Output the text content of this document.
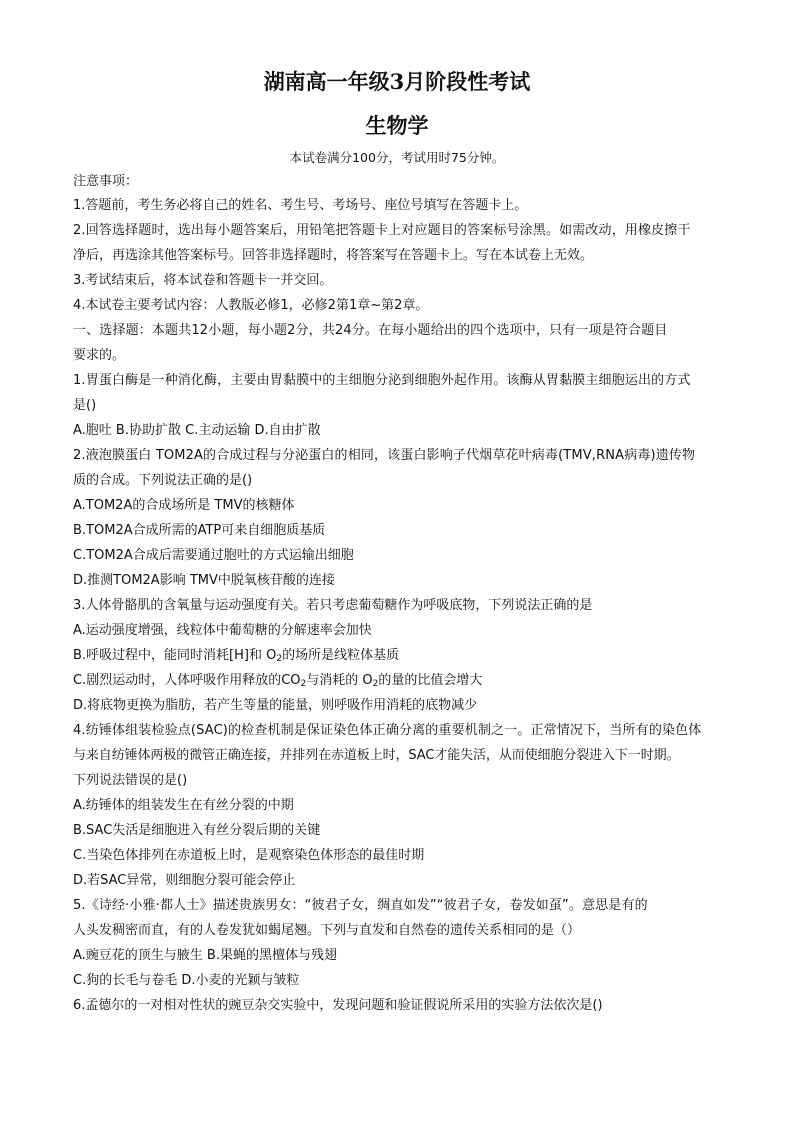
湖南高一年级3月阶段性考试
生物学
本试卷满分100分，考试用时75分钟。
注意事项：
1.答题前，考生务必将自己的姓名、考生号、考场号、座位号填写在答题卡上。
2.回答选择题时，选出每小题答案后，用铅笔把答题卡上对应题目的答案标号涂黑。如需改动，用橡皮擦干
净后，再选涂其他答案标号。回答非选择题时，将答案写在答题卡上。写在本试卷上无效。
3.考试结束后，将本试卷和答题卡一并交回。
4.本试卷主要考试内容：人教版必修1，必修2第1章~第2章。
一、选择题：本题共12小题，每小题2分，共24分。在每小题给出的四个选项中，只有一项是符合题目
要求的。
1.胃蛋白酶是一种消化酶，主要由胃黏膜中的主细胞分泌到细胞外起作用。该酶从胃黏膜主细胞运出的方式
是()
A.胞吐 B.协助扩散 C.主动运输 D.自由扩散
2.液泡膜蛋白 TOM2A的合成过程与分泌蛋白的相同，该蛋白影响子代烟草花叶病毒(TMV,RNA病毒)遗传物
质的合成。下列说法正确的是()
A.TOM2A的合成场所是 TMV的核糖体
B.TOM2A合成所需的ATP可来自细胞质基质
C.TOM2A合成后需要通过胞吐的方式运输出细胞
D.推测TOM2A影响 TMV中脱氧核苷酸的连接
3.人体骨骼肌的含氧量与运动强度有关。若只考虑葡萄糖作为呼吸底物，下列说法正确的是
A.运动强度增强，线粒体中葡萄糖的分解速率会加快
B.呼吸过程中，能同时消耗[H]和 $O_2$的场所是线粒体基质
C.剧烈运动时，人体呼吸作用释放的$CO_2$与消耗的 $O_2$的量的比值会增大
D.将底物更换为脂肪，若产生等量的能量，则呼吸作用消耗的底物减少
4.纺锤体组装检验点(SAC)的检查机制是保证染色体正确分离的重要机制之一。正常情况下，当所有的染色体
与来自纺锤体两极的微管正确连接，并排列在赤道板上时，SAC才能失活，从而使细胞分裂进入下一时期。
下列说法错误的是()
A.纺锤体的组装发生在有丝分裂的中期
B.SAC失活是细胞进入有丝分裂后期的关键
C.当染色体排列在赤道板上时，是观察染色体形态的最佳时期
D.若SAC异常，则细胞分裂可能会停止
5.《诗经·小雅·都人士》描述贵族男女：“彼君子女，绸直如发”“彼君子女，卷发如虿”。意思是有的
人头发稠密而直，有的人卷发犹如蝎尾翘。下列与直发和自然卷的遗传关系相同的是（）
A.豌豆花的顶生与腋生 B.果蝇的黑檀体与残翅
C.狗的长毛与卷毛 D.小麦的光颖与皱粒
6.孟德尔的一对相对性状的豌豆杂交实验中，发现问题和验证假说所采用的实验方法依次是()
